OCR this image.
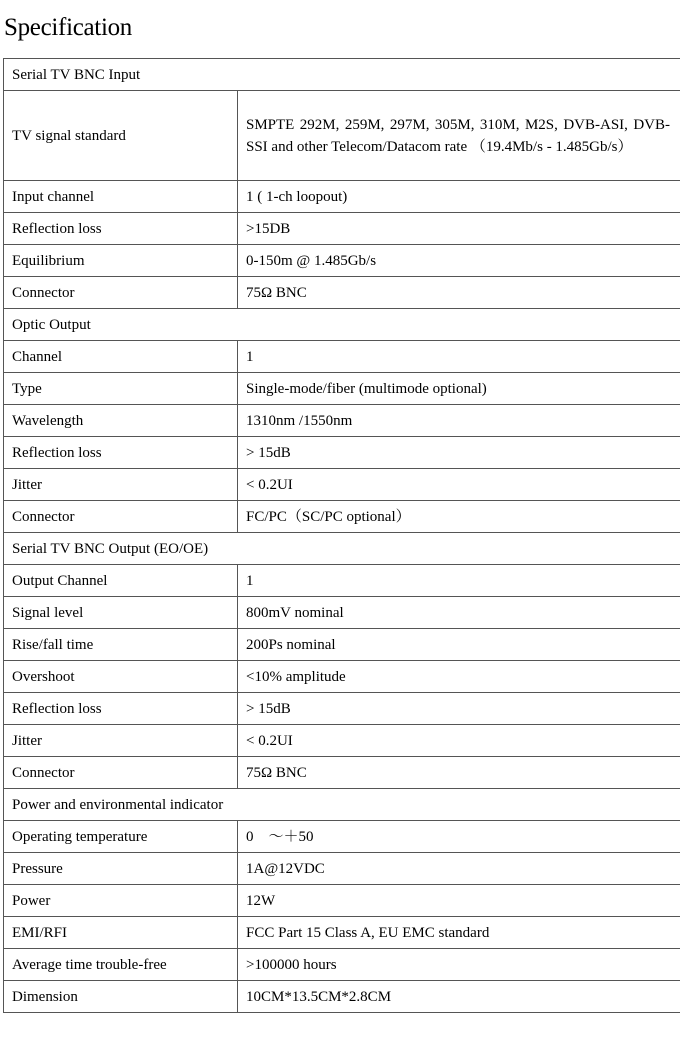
Specification
Serial TV BNC Input	
TV signal standard	SMPTE 292M, 259M, 297M, 305M, 310M, M2S, DVB-ASI, DVB-SSI and other Telecom/Datacom rate （19.4Mb/s - 1.485Gb/s）
Input channel	1 ( 1-ch loopout)
Reflection loss	>15DB
Equilibrium	0-150m @ 1.485Gb/s
Connector	75Ω BNC
Optic Output	
Channel	1
Type	Single-mode/fiber (multimode optional)
Wavelength	1310nm /1550nm
Reflection loss	> 15dB
Jitter	< 0.2UI
Connector	FC/PC（SC/PC optional）
Serial TV BNC Output (EO/OE)	
Output Channel	1
Signal level	800mV nominal
Rise/fall time	200Ps nominal
Overshoot	<10% amplitude
Reflection loss	> 15dB
Jitter	< 0.2UI
Connector	75Ω BNC
Power and environmental indicator	
Operating temperature	0　～＋50
Pressure	1A@12VDC
Power	12W
EMI/RFI	FCC Part 15 Class A, EU EMC standard
Average time trouble-free	>100000 hours
Dimension	10CM*13.5CM*2.8CM
